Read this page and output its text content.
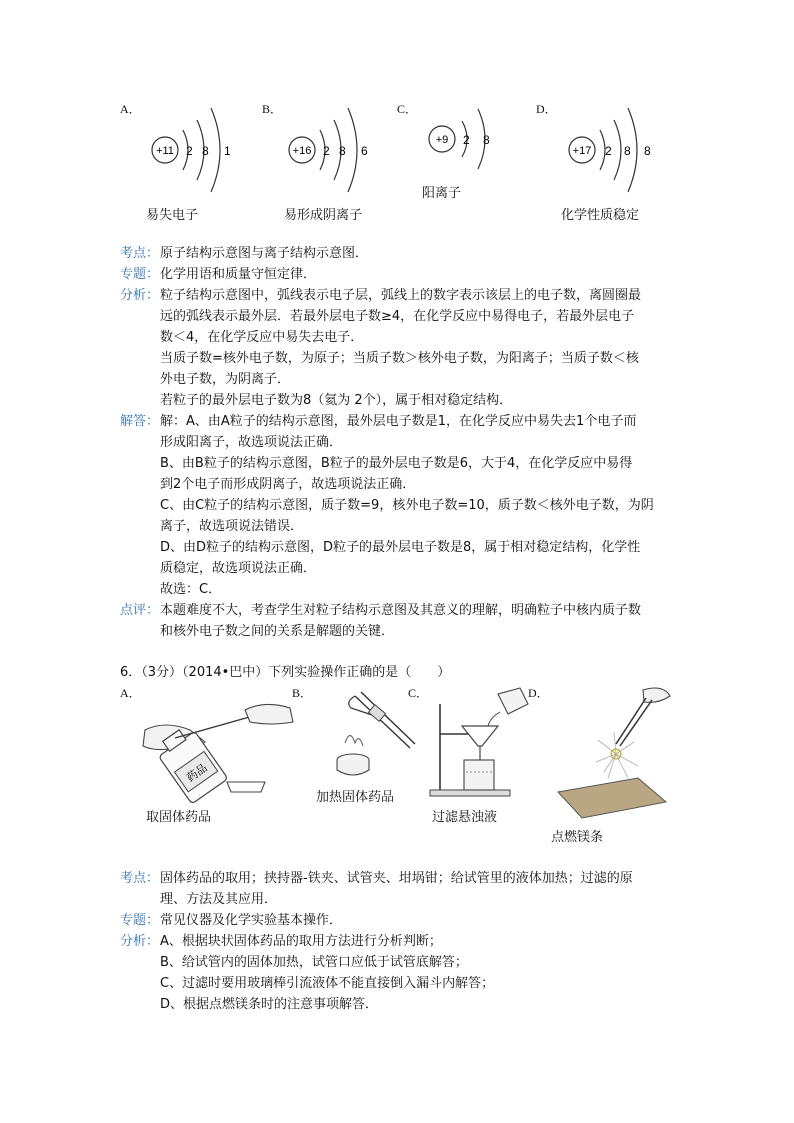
A．
+11 2 8 1
易失电子
B．
+16 2 8 6
易形成阴离子
C．
+9 2 8
阳离子
D．
+17 2 8 8
化学性质稳定
考点： 原子结构示意图与离子结构示意图．
专题： 化学用语和质量守恒定律．
分析： 粒子结构示意图中，弧线表示电子层，弧线上的数字表示该层上的电子数，离圆圈最
远的弧线表示最外层．若最外层电子数≥4，在化学反应中易得电子，若最外层电子
数＜4，在化学反应中易失去电子．
当质子数=核外电子数，为原子；当质子数＞核外电子数，为阳离子；当质子数＜核
外电子数，为阴离子．
若粒子的最外层电子数为8（氦为 2个），属于相对稳定结构．
解答： 解：A、由A粒子的结构示意图，最外层电子数是1，在化学反应中易失去1个电子而
形成阳离子，故选项说法正确．
B、由B粒子的结构示意图，B粒子的最外层电子数是6，大于4，在化学反应中易得
到2个电子而形成阴离子，故选项说法正确．
C、由C粒子的结构示意图，质子数=9，核外电子数=10，质子数＜核外电子数，为阴
离子，故选项说法错误．
D、由D粒子的结构示意图，D粒子的最外层电子数是8，属于相对稳定结构，化学性
质稳定，故选项说法正确．
故选：C．
点评： 本题难度不大，考查学生对粒子结构示意图及其意义的理解，明确粒子中核内质子数
和核外电子数之间的关系是解题的关键．
6．（3分）（2014•巴中）下列实验操作正确的是（　　）
A．
药品
取固体药品
B．
加热固体药品
C．
过滤悬浊液
D．
点燃镁条
考点： 固体药品的取用；挟持器-铁夹、试管夹、坩埚钳；给试管里的液体加热；过滤的原
理、方法及其应用．
专题： 常见仪器及化学实验基本操作．
分析： A、根据块状固体药品的取用方法进行分析判断；
B、给试管内的固体加热，试管口应低于试管底解答；
C、过滤时要用玻璃棒引流液体不能直接倒入漏斗内解答；
D、根据点燃镁条时的注意事项解答．
